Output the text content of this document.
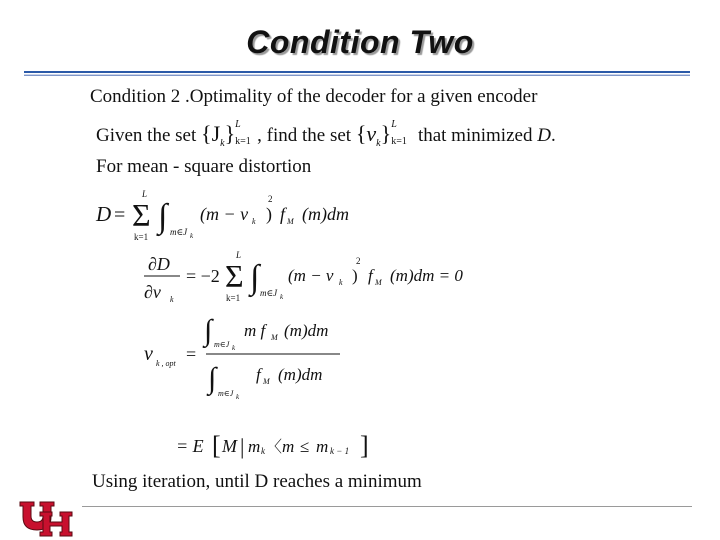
Condition Two
Condition 2 .Optimality of the decoder for a given encoder
Given the set $\{J_k\}$ L
k=1 , find the set $\{\nu_k\}$ L
k=1 that minimized D.
For mean - square distortion
D =
L
Σ
k=1
∫ m∈J k
(m − ν k )
2
f M (m)dm
∂D
∂ν k
= −2
L
Σ
k=1
∫ m∈J k
(m − ν k )
2
f M (m)dm = 0
ν k , opt =
∫ m∈J k
m f M (m)dm
∫ m∈J k
f M (m)dm
= E [ M | m k 〈 m ≤ m k − 1 ]
Using iteration, until D reaches a minimum
